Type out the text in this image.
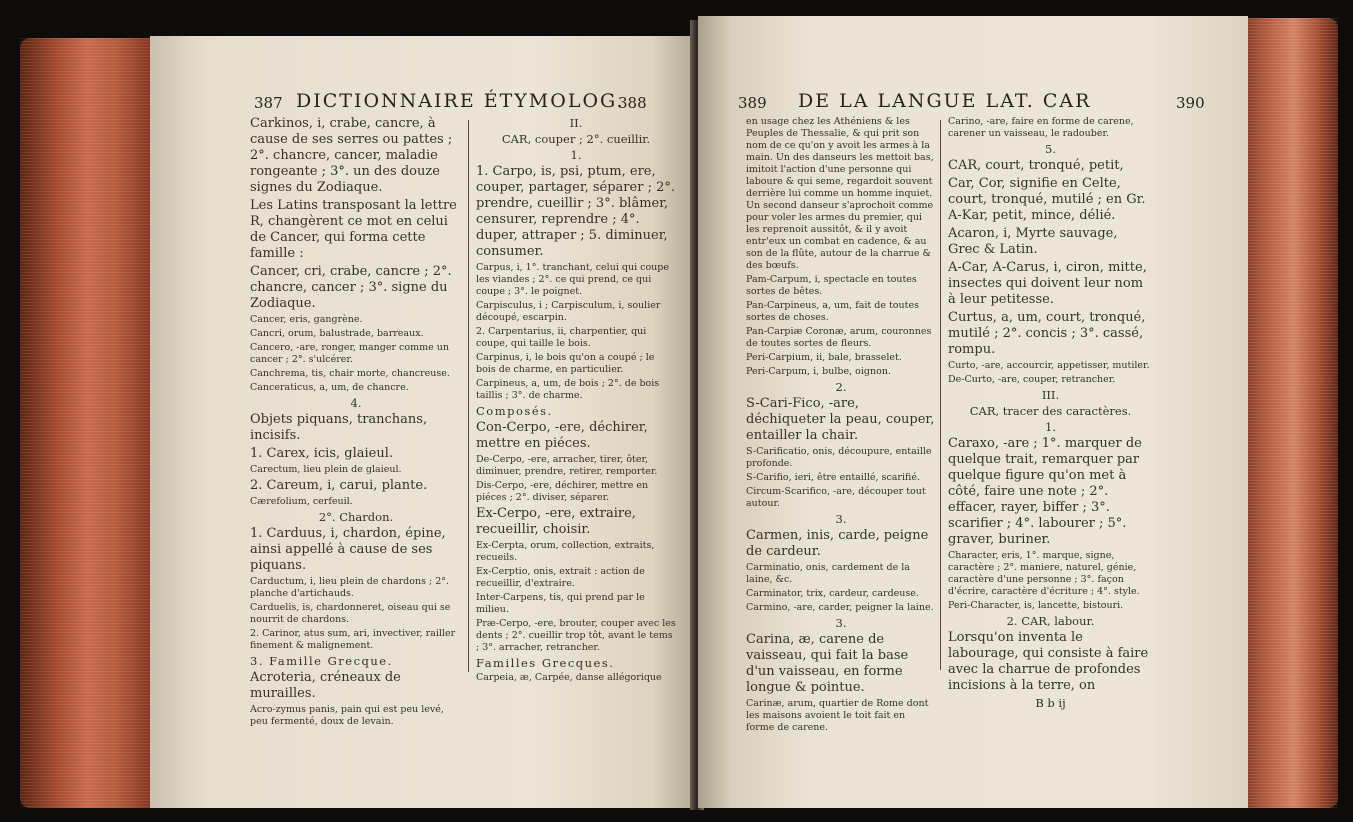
387 DICTIONNAIRE ÉTYMOLOG.
388

Carkinos, i, crabe, cancre, à cause de ses serres ou pattes ; 2°. chancre, cancer, maladie rongeante ; 3°. un des douze signes du Zodiaque.

Les Latins transposant la lettre R, changèrent ce mot en celui de Cancer, qui forma cette famille :

Cancer, cri, crabe, cancre ; 2°. chancre, cancer ; 3°. signe du Zodiaque.

Cancer, eris, gangrène.

Cancri, orum, balustrade, barreaux.

Cancero, -are, ronger, manger comme un cancer ; 2°. s'ulcérer.

Canchrema, tis, chair morte, chancreuse.

Canceraticus, a, um, de chancre.

4.

Objets piquans, tranchans, incisifs.

1. Carex, icis, glaieul.

Carectum, lieu plein de glaieul.

2. Careum, i, carui, plante.

Cærefolium, cerfeuil.

2°. Chardon.

1. Carduus, i, chardon, épine, ainsi appellé à cause de ses piquans.

Carductum, i, lieu plein de chardons ; 2°. planche d'artichauds.

Carduelis, is, chardonneret, oiseau qui se nourrit de chardons.

2. Carinor, atus sum, ari, invectiver, railler finement & malignement.

3. Famille Grecque.

Acroteria, créneaux de murailles.

Acro-zymus panis, pain qui est peu levé, peu fermenté, doux de levain.

II.

CAR, couper ; 2°. cueillir.

1.

1. Carpo, is, psi, ptum, ere, couper, partager, séparer ; 2°. prendre, cueillir ; 3°. blâmer, censurer, reprendre ; 4°. duper, attraper ; 5. diminuer, consumer.

Carpus, i, 1°. tranchant, celui qui coupe les viandes ; 2°. ce qui prend, ce qui coupe ; 3°. le poignet.

Carpisculus, i ; Carpisculum, i, soulier découpé, escarpin.

2. Carpentarius, ii, charpentier, qui coupe, qui taille le bois.

Carpinus, i, le bois qu'on a coupé ; le bois de charme, en particulier.

Carpineus, a, um, de bois ; 2°. de bois taillis ; 3°. de charme.

Composés.

Con-Cerpo, -ere, déchirer, mettre en piéces.

De-Cerpo, -ere, arracher, tirer, ôter, diminuer, prendre, retirer, remporter.

Dis-Cerpo, -ere, déchirer, mettre en piéces ; 2°. diviser, séparer.

Ex-Cerpo, -ere, extraire, recueillir, choisir.

Ex-Cerpta, orum, collection, extraits, recueils.

Ex-Cerptio, onis, extrait : action de recueillir, d'extraire.

Inter-Carpens, tis, qui prend par le milieu.

Præ-Cerpo, -ere, brouter, couper avec les dents ; 2°. cueillir trop tôt, avant le tems ; 3°. arracher, retrancher.

Familles Grecques.

Carpeia, æ, Carpée, danse allégorique

389 DE LA LANGUE LAT. CAR	390

en usage chez les Athéniens & les Peuples de Thessalie, & qui prit son nom de ce qu'on y avoit les armes à la main. Un des danseurs les mettoit bas, imitoit l'action d'une personne qui laboure & qui seme, regardoit souvent derrière lui comme un homme inquiet. Un second danseur s'aprochoit comme pour voler les armes du premier, qui les reprenoit aussitôt, & il y avoit entr'eux un combat en cadence, & au son de la flûte, autour de la charrue & des bœufs.

Pam-Carpum, i, spectacle en toutes sortes de bêtes.

Pan-Carpineus, a, um, fait de toutes sortes de choses.

Pan-Carpiæ Coronæ, arum, couronnes de toutes sortes de fleurs.

Peri-Carpium, ii, bale, brasselet.

Peri-Carpum, i, bulbe, oignon.

2.

S-Cari-Fico, -are, déchiqueter la peau, couper, entailler la chair.

S-Carificatio, onis, découpure, entaille profonde.

S-Carifio, ieri, être entaillé, scarifié.

Circum-Scarifico, -are, découper tout autour.

3.

Carmen, inis, carde, peigne de cardeur.

Carminatio, onis, cardement de la laine, &c.

Carminator, trix, cardeur, cardeuse.

Carmino, -are, carder, peigner la laine.

3.

Carina, æ, carene de vaisseau, qui fait la base d'un vaisseau, en forme longue & pointue.

Carinæ, arum, quartier de Rome dont les maisons avoient le toit fait en forme de carene.

Carino, -are, faire en forme de carene, carener un vaisseau, le radouber.

5.

CAR, court, tronqué, petit,

Car, Cor, signifie en Celte, court, tronqué, mutilé ; en Gr. A-Kar, petit, mince, délié.

Acaron, i, Myrte sauvage, Grec & Latin.

A-Car, A-Carus, i, ciron, mitte, insectes qui doivent leur nom à leur petitesse.

Curtus, a, um, court, tronqué, mutilé ; 2°. concis ; 3°. cassé, rompu.

Curto, -are, accourcir, appetisser, mutiler.

De-Curto, -are, couper, retrancher.

III.

CAR, tracer des caractères.

1.

Caraxo, -are ; 1°. marquer de quelque trait, remarquer par quelque figure qu'on met à côté, faire une note ; 2°. effacer, rayer, biffer ; 3°. scarifier ; 4°. labourer ; 5°. graver, buriner.

Character, eris, 1°. marque, signe, caractère ; 2°. maniere, naturel, génie, caractère d'une personne ; 3°. façon d'écrire, caractère d'écriture ; 4°. style.

Peri-Character, is, lancette, bistouri.

2. CAR, labour.

Lorsqu'on inventa le labourage, qui consiste à faire avec la charrue de profondes incisions à la terre, on

B b ij
